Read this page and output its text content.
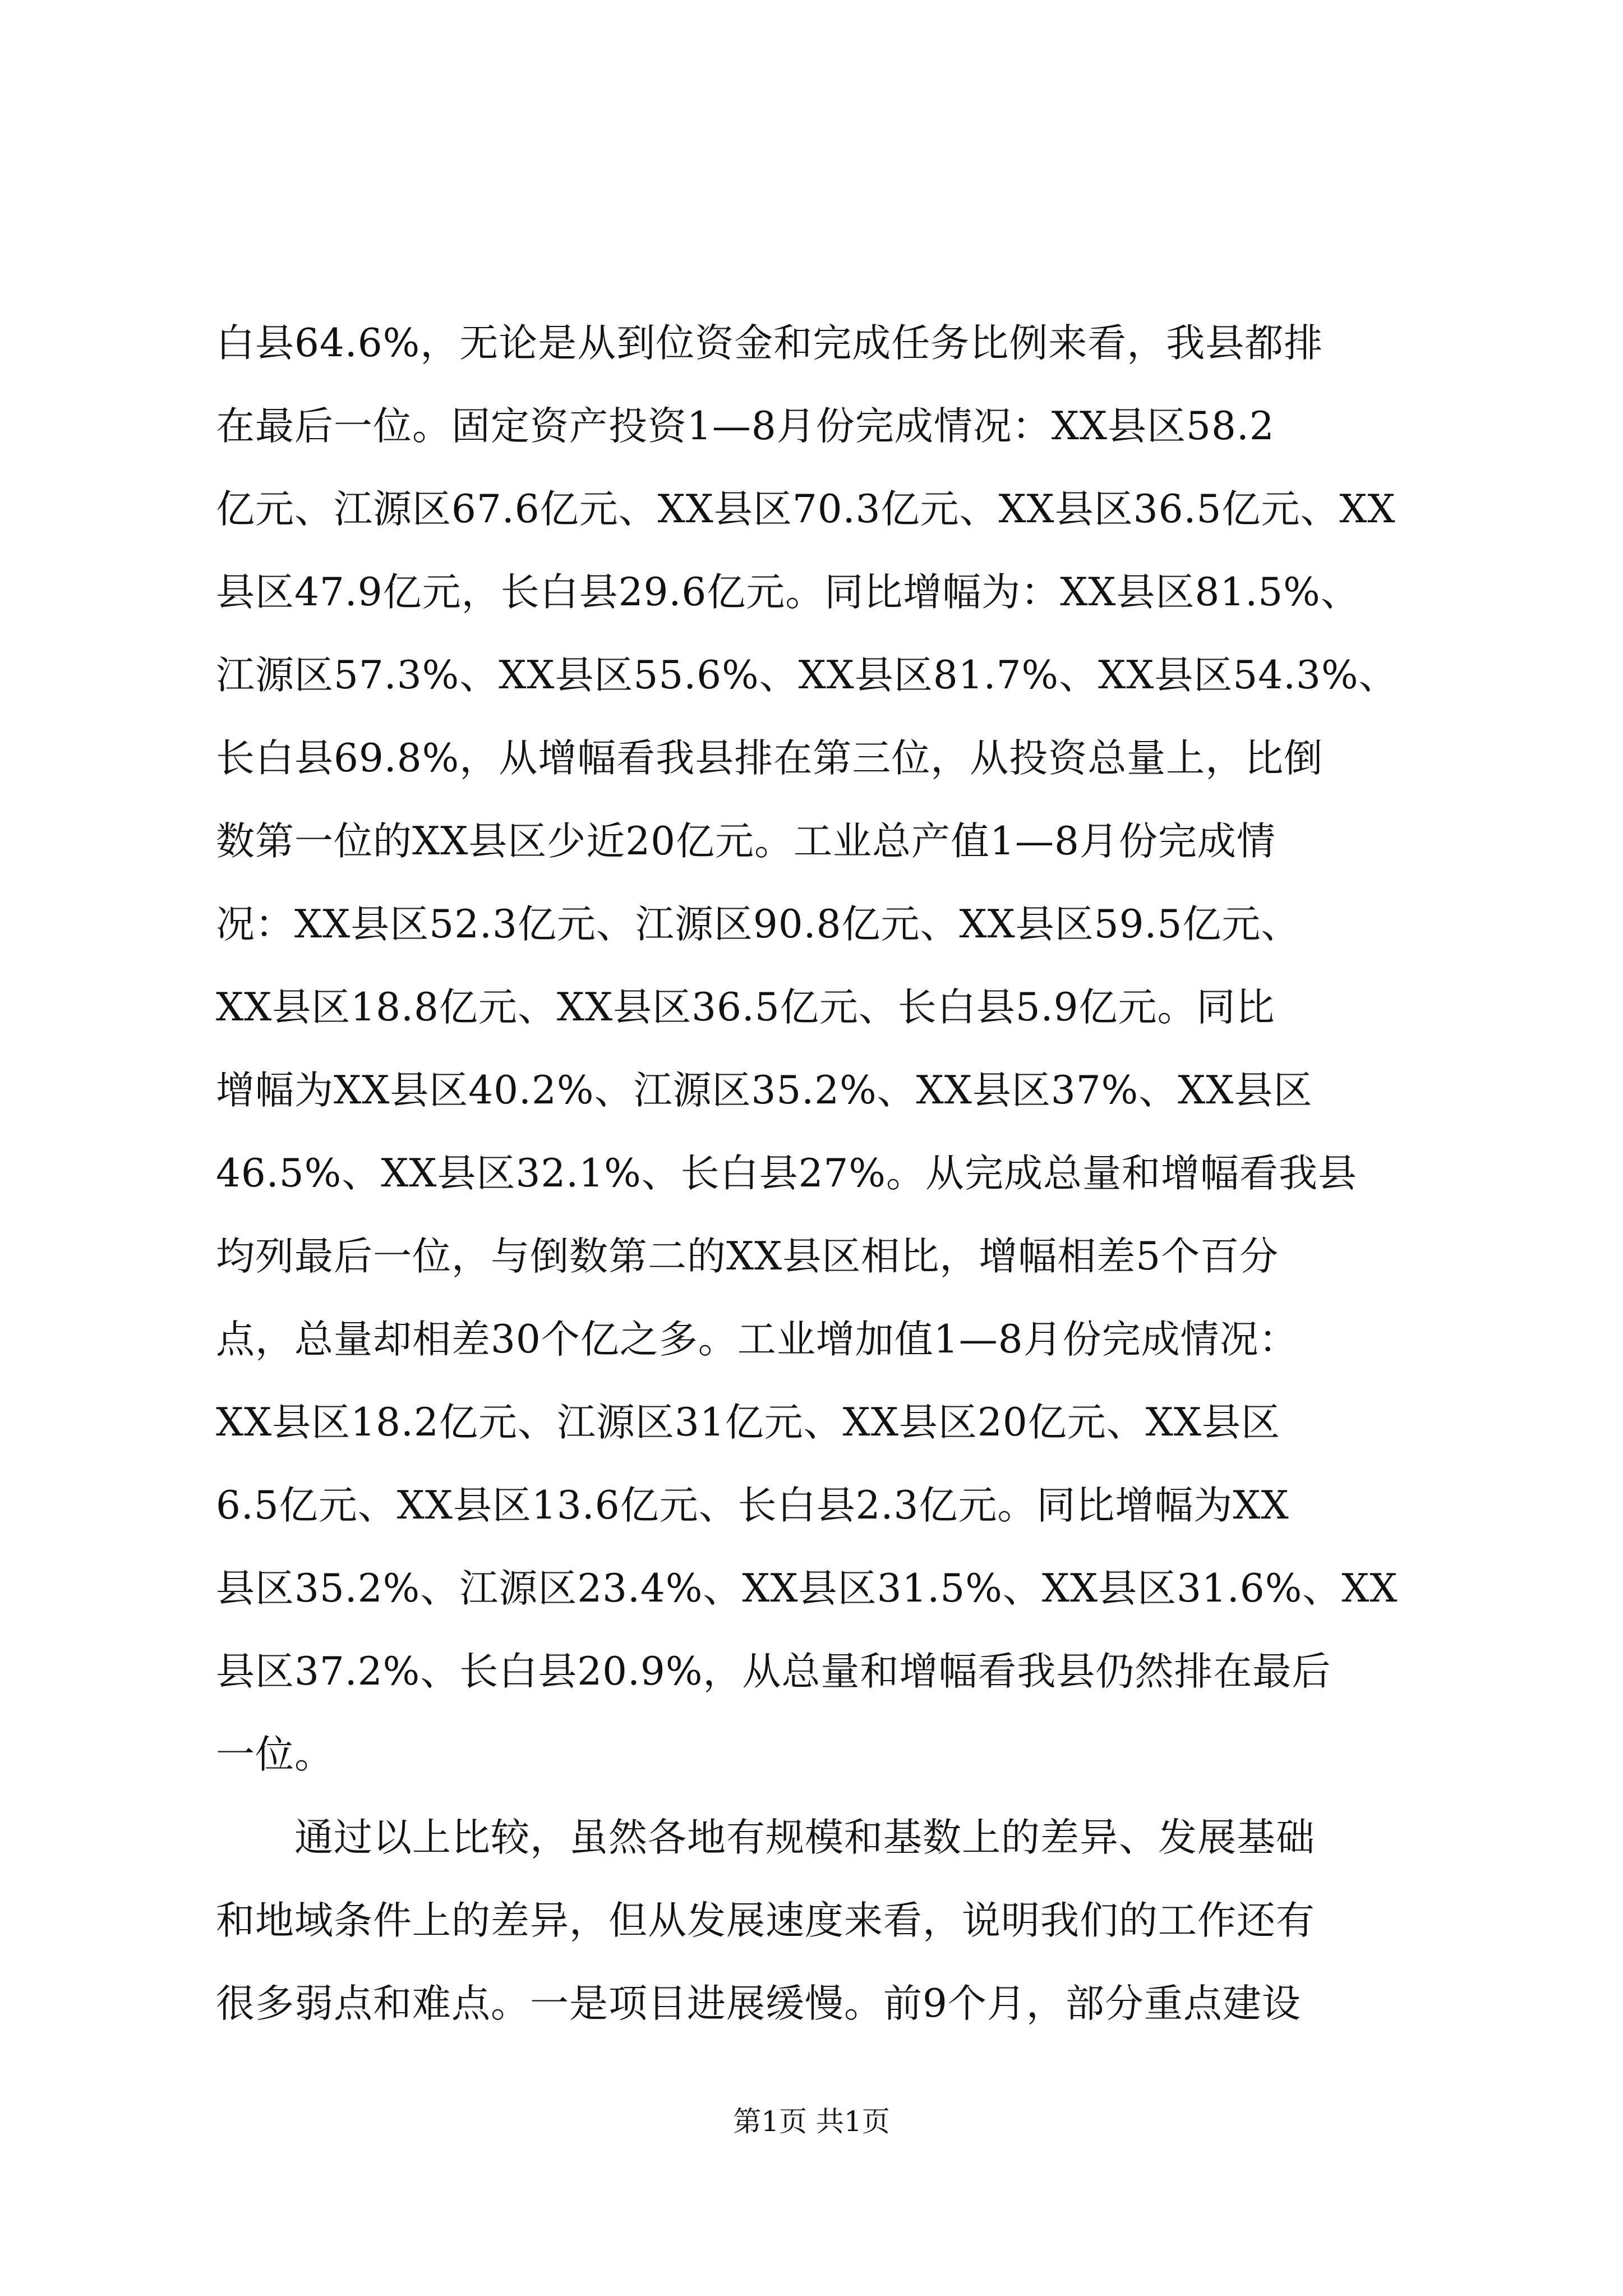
白县64.6%，无论是从到位资金和完成任务比例来看，我县都排
在最后一位。固定资产投资1—8月份完成情况：XX县区58.2
亿元、江源区67.6亿元、XX县区70.3亿元、XX县区36.5亿元、XX
县区47.9亿元，长白县29.6亿元。同比增幅为：XX县区81.5%、
江源区57.3%、XX县区55.6%、XX县区81.7%、XX县区54.3%、
长白县69.8%，从增幅看我县排在第三位，从投资总量上，比倒
数第一位的XX县区少近20亿元。工业总产值1—8月份完成情
况：XX县区52.3亿元、江源区90.8亿元、XX县区59.5亿元、
XX县区18.8亿元、XX县区36.5亿元、长白县5.9亿元。同比
增幅为XX县区40.2%、江源区35.2%、XX县区37%、XX县区
46.5%、XX县区32.1%、长白县27%。从完成总量和增幅看我县
均列最后一位，与倒数第二的XX县区相比，增幅相差5个百分
点，总量却相差30个亿之多。工业增加值1—8月份完成情况：
XX县区18.2亿元、江源区31亿元、XX县区20亿元、XX县区
6.5亿元、XX县区13.6亿元、长白县2.3亿元。同比增幅为XX
县区35.2%、江源区23.4%、XX县区31.5%、XX县区31.6%、XX
县区37.2%、长白县20.9%，从总量和增幅看我县仍然排在最后
一位。
　　通过以上比较，虽然各地有规模和基数上的差异、发展基础
和地域条件上的差异，但从发展速度来看，说明我们的工作还有
很多弱点和难点。一是项目进展缓慢。前9个月，部分重点建设
第1页 共1页
